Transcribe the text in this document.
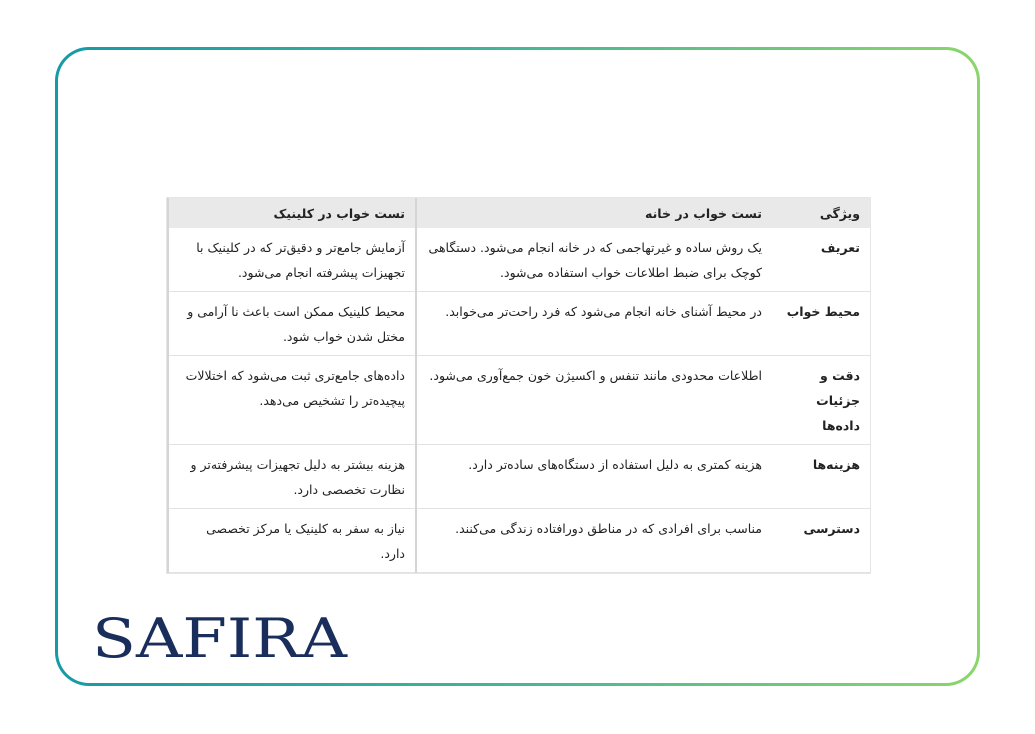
ویژگی	تست خواب در خانه	تست خواب در کلینیک
تعریف	یک روش ساده و غیرتهاجمی که در خانه انجام می‌شود. دستگاهی کوچک برای ضبط اطلاعات خواب استفاده می‌شود.	آزمایش جامع‌تر و دقیق‌تر که در کلینیک با تجهیزات پیشرفته انجام می‌شود.
محیط خواب	در محیط آشنای خانه انجام می‌شود که فرد راحت‌تر می‌خوابد.	محیط کلینیک ممکن است باعث نا آرامی و مختل شدن خواب شود.
دقت و جزئیات داده‌ها	اطلاعات محدودی مانند تنفس و اکسیژن خون جمع‌آوری می‌شود.	داده‌های جامع‌تری ثبت می‌شود که اختلالات پیچیده‌تر را تشخیص می‌دهد.
هزینه‌ها	هزینه کمتری به دلیل استفاده از دستگاه‌های ساده‌تر دارد.	هزینه بیشتر به دلیل تجهیزات پیشرفته‌تر و نظارت تخصصی دارد.
دسترسی	مناسب برای افرادی که در مناطق دورافتاده زندگی می‌کنند.	نیاز به سفر به کلینیک یا مرکز تخصصی دارد.
SAFIRA
